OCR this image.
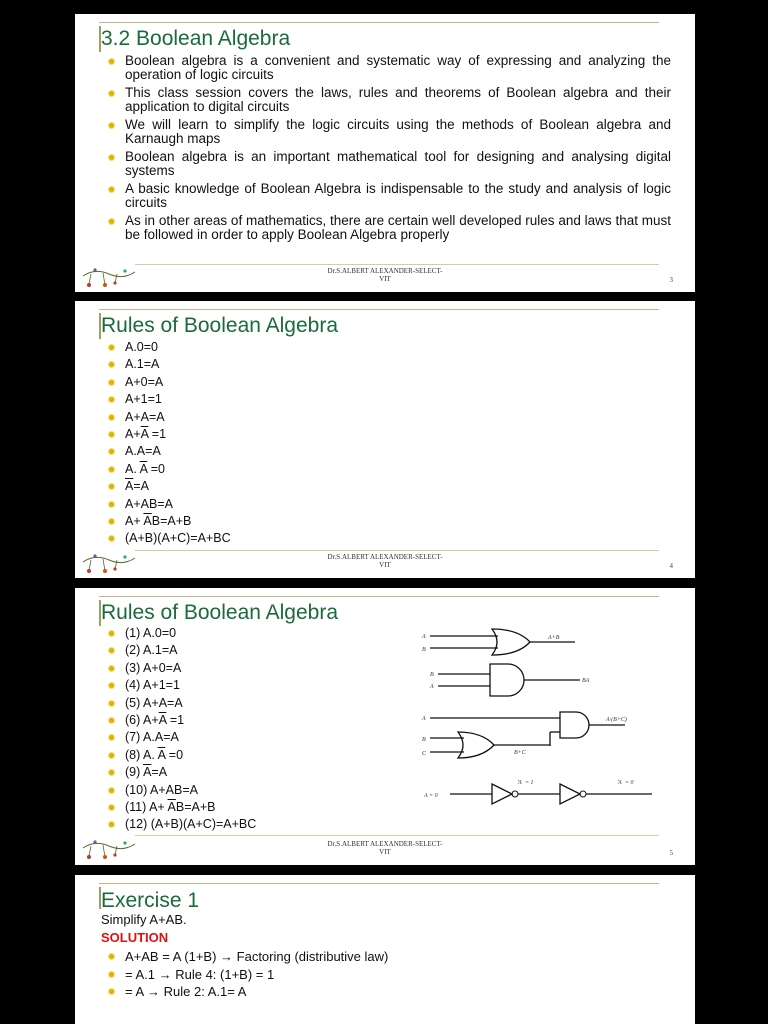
3.2 Boolean Algebra
Boolean algebra is a convenient and systematic way of expressing and analyzing the operation of logic circuits
This class session covers the laws, rules and theorems of Boolean algebra and their application to digital circuits
We will learn to simplify the logic circuits using the methods of Boolean algebra and Karnaugh maps
Boolean algebra is an important mathematical tool for designing and analysing digital systems
A basic knowledge of Boolean Algebra is indispensable to the study and analysis of logic circuits
As in other areas of mathematics, there are certain well developed rules and laws that must be followed in order to apply Boolean Algebra properly
Dr.S.ALBERT ALEXANDER-SELECT-
VIT	3
Rules of Boolean Algebra
A.0=0
A.1=A
A+0=A
A+1=1
A+A=A
$A+\overline{A} =1$
A.A=A
A. $\overline{A} =0$
$\overline{A}=A$
A+AB=A
$A+ \overline{A}B=A+B$
(A+B)(A+C)=A+BC
Dr.S.ALBERT ALEXANDER-SELECT-
VIT	4
Rules of Boolean Algebra
(1) A.0=0
(2) A.1=A
(3) A+0=A
(4) A+1=1
(5) A+A=A
(6) $A+\overline{A} =1$
(7) A.A=A
(8) A. $\overline{A} =0$
(9) $\overline{A}=A$
(10) A+AB=A
(11) $A+ \overline{A}B=A+B$
(12) (A+B)(A+C)=A+BC
A
B
A+B
B
A
BA
A
B
C	B+C
A·(B+C)
A = 0
A = 1	A = 0
Dr.S.ALBERT ALEXANDER-SELECT-
VIT	5
Exercise 1
Simplify A+AB.
SOLUTION
A+AB = A (1+B) → Factoring (distributive law)
= A.1 → Rule 4: (1+B) = 1
= A → Rule 2: A.1= A
